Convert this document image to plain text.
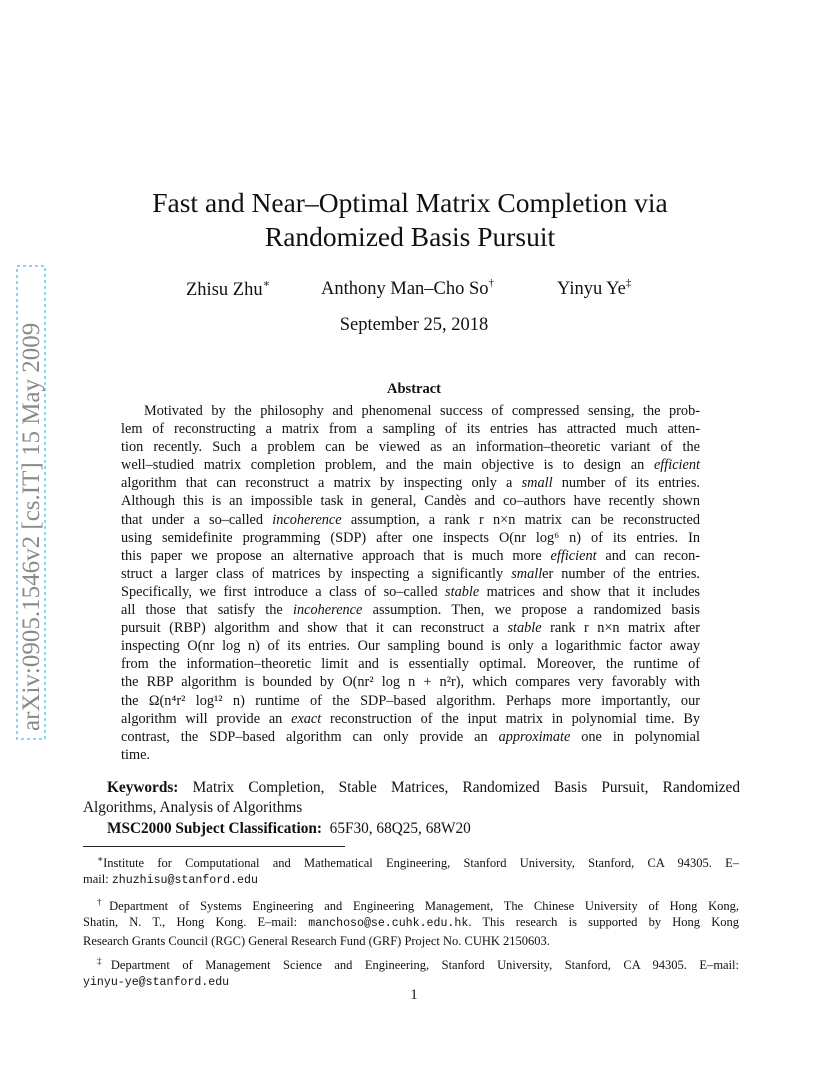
arXiv:0905.1546v2 [cs.IT] 15 May 2009
Fast and Near–Optimal Matrix Completion via
Randomized Basis Pursuit
Zhisu Zhu∗	Anthony Man–Cho So†	Yinyu Ye‡
September 25, 2018
Abstract
Motivated by the philosophy and phenomenal success of compressed sensing, the prob-
lem of reconstructing a matrix from a sampling of its entries has attracted much atten-
tion recently. Such a problem can be viewed as an information–theoretic variant of the
well–studied matrix completion problem, and the main objective is to design an efficient
algorithm that can reconstruct a matrix by inspecting only a small number of its entries.
Although this is an impossible task in general, Candès and co–authors have recently shown
that under a so–called incoherence assumption, a rank r n×n matrix can be reconstructed
using semidefinite programming (SDP) after one inspects O(nr log⁶ n) of its entries. In
this paper we propose an alternative approach that is much more efficient and can recon-
struct a larger class of matrices by inspecting a significantly smaller number of the entries.
Specifically, we first introduce a class of so–called stable matrices and show that it includes
all those that satisfy the incoherence assumption. Then, we propose a randomized basis
pursuit (RBP) algorithm and show that it can reconstruct a stable rank r n×n matrix after
inspecting O(nr log n) of its entries. Our sampling bound is only a logarithmic factor away
from the information–theoretic limit and is essentially optimal. Moreover, the runtime of
the RBP algorithm is bounded by O(nr² log n + n²r), which compares very favorably with
the Ω(n⁴r² log¹² n) runtime of the SDP–based algorithm. Perhaps more importantly, our
algorithm will provide an exact reconstruction of the input matrix in polynomial time. By
contrast, the SDP–based algorithm can only provide an approximate one in polynomial
time.
Keywords: Matrix Completion, Stable Matrices, Randomized Basis Pursuit, Randomized
Algorithms, Analysis of Algorithms
MSC2000 Subject Classification: 65F30, 68Q25, 68W20
∗Institute for Computational and Mathematical Engineering, Stanford University, Stanford, CA 94305. E–
mail: zhuzhisu@stanford.edu
†Department of Systems Engineering and Engineering Management, The Chinese University of Hong Kong,
Shatin, N. T., Hong Kong. E–mail: manchoso@se.cuhk.edu.hk. This research is supported by Hong Kong
Research Grants Council (RGC) General Research Fund (GRF) Project No. CUHK 2150603.
‡Department of Management Science and Engineering, Stanford University, Stanford, CA 94305. E–mail:
yinyu-ye@stanford.edu
1
